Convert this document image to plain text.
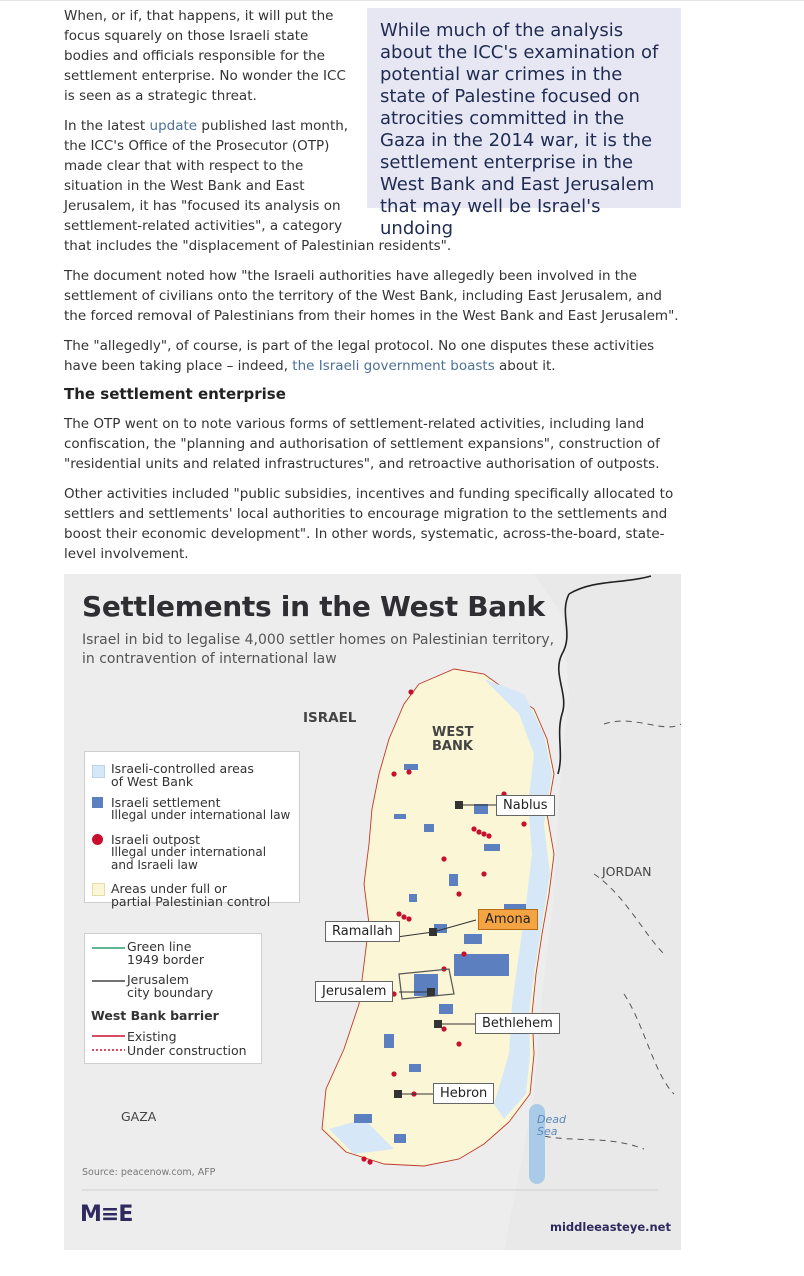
When, or if, that happens, it will put the focus squarely on those Israeli state bodies and officials responsible for the settlement enterprise. No wonder the ICC is seen as a strategic threat.

In the latest update published last month, the ICC's Office of the Prosecutor (OTP) made clear that with respect to the situation in the West Bank and East Jerusalem, it has "focused its analysis on settlement-related activities", a category

that includes the "displacement of Palestinian residents".

While much of the analysis about the ICC's examination of potential war crimes in the state of Palestine focused on atrocities committed in the Gaza in the 2014 war, it is the settlement enterprise in the West Bank and East Jerusalem that may well be Israel's undoing

The document noted how "the Israeli authorities have allegedly been involved in the settlement of civilians onto the territory of the West Bank, including East Jerusalem, and the forced removal of Palestinians from their homes in the West Bank and East Jerusalem".

The "allegedly", of course, is part of the legal protocol. No one disputes these activities have been taking place – indeed, the Israeli government boasts about it.

The settlement enterprise

The OTP went on to note various forms of settlement-related activities, including land confiscation, the "planning and authorisation of settlement expansions", construction of "residential units and related infrastructures", and retroactive authorisation of outposts.

Other activities included "public subsidies, incentives and funding specifically allocated to settlers and settlements' local authorities to encourage migration to the settlements and boost their economic development". In other words, systematic, across-the-board, state-level involvement.

Settlements in the West Bank
Israel in bid to legalise 4,000 settler homes on Palestinian territory, in contravention of international law
ISRAEL
WEST
BANK
JORDAN
GAZA	Dead
Sea
Nablus
Amona
Ramallah
Jerusalem
Bethlehem
Hebron
Israeli-controlled areas
of West Bank
Israeli settlement
Illegal under international law
Israeli outpost
Illegal under international
and Israeli law
Areas under full or
partial Palestinian control
Green line
1949 border
Jerusalem
city boundary
West Bank barrier
Existing
Under construction
Source: peacenow.com, AFP
M≡E	middleeasteye.net
